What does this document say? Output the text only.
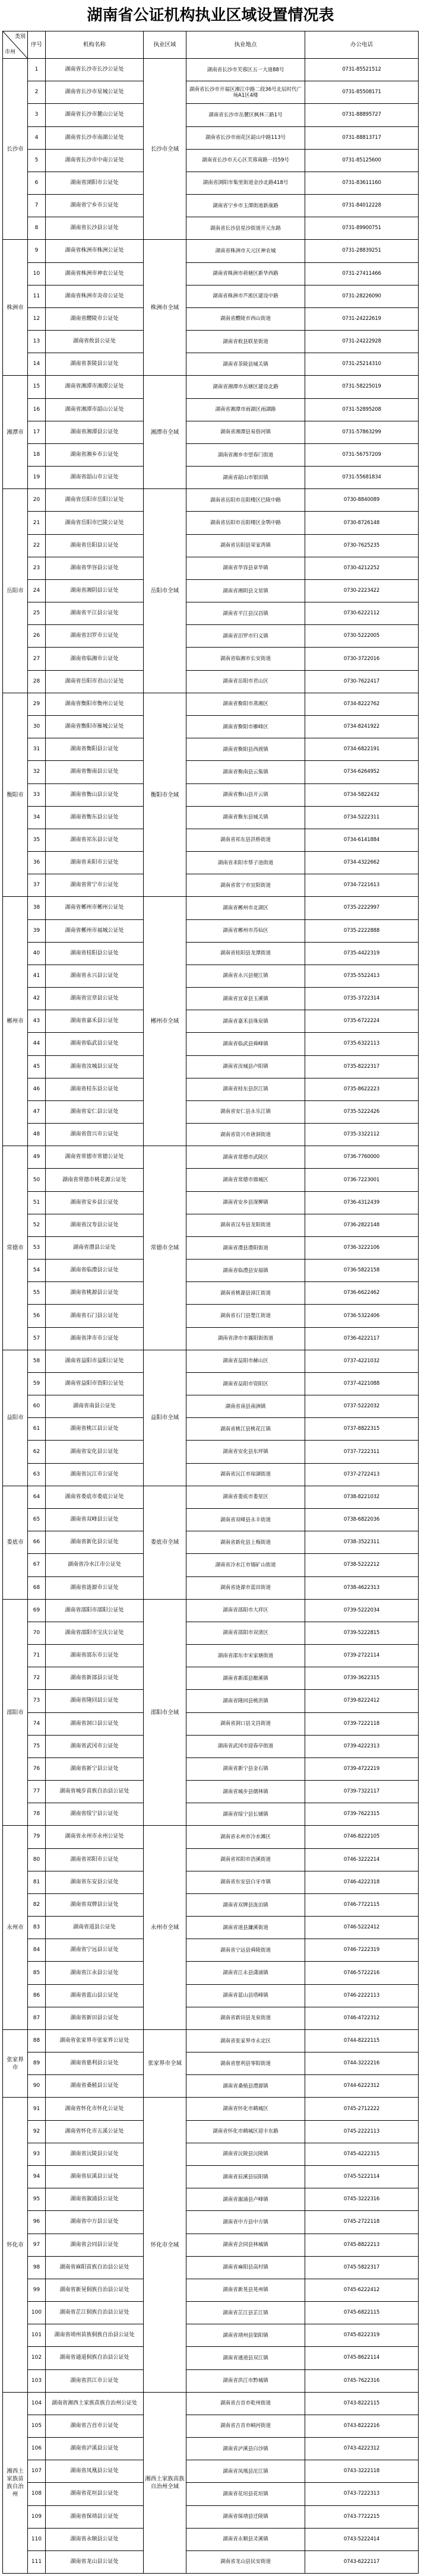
湖南省公证机构执业区域设置情况表
类别
市州	序号	机构名称	执业区域	执业地点	办公电话
长沙市	1	湖南省长沙市长沙公证处	长沙市全域	湖南省长沙市芙蓉区五一大道88号	0731-85521512
	2	湖南省长沙市星城公证处		湖南省长沙市开福区湘江中路二段36号北辰时代广场A1区4楼	0731-85508171
	3	湖南省长沙市麓山公证处		湖南省长沙市岳麓区枫林三路1号	0731-88895727
	4	湖南省长沙市南湖公证处		湖南省长沙市雨花区韶山中路113号	0731-88813717
	5	湖南省长沙市中南公证处		湖南省长沙市天心区芙蓉南路一段59号	0731-85125600
	6	湖南省浏阳市公证处		湖南省浏阳市集里街道金沙北路418号	0731-83611160
	7	湖南省宁乡市公证处		湖南省宁乡市玉潭街道新康路	0731-84012228
	8	湖南省长沙县公证处		湖南省长沙县星沙街道开元东路	0731-89900751
株洲市	9	湖南省株洲市株洲公证处	株洲市全域	湖南省株洲市天元区神农城	0731-28839251
	10	湖南省株洲市神农公证处		湖南省株洲市荷塘区新华西路	0731-27411466
	11	湖南省株洲市炎帝公证处		湖南省株洲市芦淞区建设中路	0731-28226090
	12	湖南省醴陵市公证处		湖南省醴陵市西山街道	0731-24222619
	13	湖南省攸县公证处		湖南省攸县联星街道	0731-24222928
	14	湖南省茶陵县公证处		湖南省茶陵县城关镇	0731-25214310
湘潭市	15	湖南省湘潭市湘潭公证处	湘潭市全域	湖南省湘潭市岳塘区建设北路	0731-58225019
	16	湖南省湘潭市韶山公证处		湖南省湘潭市雨湖区雨湖路	0731-52895208
	17	湖南省湘潭县公证处		湖南省湘潭县易俗河镇	0731-57863299
	18	湖南省湘乡市公证处		湖南省湘乡市望春门街道	0731-56757209
	19	湖南省韶山市公证处		湖南省韶山市银田镇	0731-55681834
岳阳市	20	湖南省岳阳市岳阳公证处	岳阳市全域	湖南省岳阳市岳阳楼区巴陵中路	0730-8840089
	21	湖南省岳阳市巴陵公证处		湖南省岳阳市岳阳楼区金鹗中路	0730-8726148
	22	湖南省岳阳县公证处		湖南省岳阳县荣家湾镇	0730-7625235
	23	湖南省华容县公证处		湖南省华容县章华镇	0730-4212252
	24	湖南省湘阴县公证处		湖南省湘阴县文星镇	0730-2223422
	25	湖南省平江县公证处		湖南省平江县汉昌镇	0730-6222112
	26	湖南省汨罗市公证处		湖南省汨罗市归义镇	0730-5222005
	27	湖南省临湘市公证处		湖南省临湘市长安街道	0730-3722016
	28	湖南省岳阳市君山公证处		湖南省岳阳市君山区	0730-7622417
衡阳市	29	湖南省衡阳市衡州公证处	衡阳市全域	湖南省衡阳市蒸湘区	0734-8222762
	30	湖南省衡阳市雁城公证处		湖南省衡阳市雁峰区	0734-8241922
	31	湖南省衡阳县公证处		湖南省衡阳县西渡镇	0734-6822191
	32	湖南省衡南县公证处		湖南省衡南县云集镇	0734-6264952
	33	湖南省衡山县公证处		湖南省衡山县开云镇	0734-5822432
	34	湖南省衡东县公证处		湖南省衡东县城关镇	0734-5222311
	35	湖南省祁东县公证处		湖南省祁东县洪桥街道	0734-6141884
	36	湖南省耒阳市公证处		湖南省耒阳市蔡子池街道	0734-4322662
	37	湖南省常宁市公证处		湖南省常宁市宜阳街道	0734-7221613
郴州市	38	湖南省郴州市郴州公证处	郴州市全域	湖南省郴州市北湖区	0735-2222997
	39	湖南省郴州市福城公证处		湖南省郴州市苏仙区	0735-2222888
	40	湖南省桂阳县公证处		湖南省桂阳县龙潭街道	0735-4422319
	41	湖南省永兴县公证处		湖南省永兴县便江镇	0735-5522413
	42	湖南省宜章县公证处		湖南省宜章县玉溪镇	0735-3722314
	43	湖南省嘉禾县公证处		湖南省嘉禾县珠泉镇	0735-6722224
	44	湖南省临武县公证处		湖南省临武县舜峰镇	0735-6322113
	45	湖南省汝城县公证处		湖南省汝城县卢阳镇	0735-8222317
	46	湖南省桂东县公证处		湖南省桂东县沤江镇	0735-8622223
	47	湖南省安仁县公证处		湖南省安仁县永乐江镇	0735-5222426
	48	湖南省资兴市公证处		湖南省资兴市唐洞街道	0735-3322112
常德市	49	湖南省常德市常德公证处	常德市全域	湖南省常德市武陵区	0736-7760000
	50	湖南省常德市桃花源公证处		湖南省常德市鼎城区	0736-7223001
	51	湖南省安乡县公证处		湖南省安乡县深柳镇	0736-4312439
	52	湖南省汉寿县公证处		湖南省汉寿县龙阳街道	0736-2822148
	53	湖南省澧县公证处		湖南省澧县澧阳街道	0736-3222106
	54	湖南省临澧县公证处		湖南省临澧县安福镇	0736-5822158
	55	湖南省桃源县公证处		湖南省桃源县漳江街道	0736-6622462
	56	湖南省石门县公证处		湖南省石门县楚江街道	0736-5322406
	57	湖南省津市市公证处		湖南省津市市襄阳街街道	0736-4222117
益阳市	58	湖南省益阳市益阳公证处	益阳市全域	湖南省益阳市赫山区	0737-4221032
	59	湖南省益阳市资阳公证处		湖南省益阳市资阳区	0737-4221088
	60	湖南省南县公证处		湖南省南县南洲镇	0737-5222032
	61	湖南省桃江县公证处		湖南省桃江县桃花江镇	0737-8822315
	62	湖南省安化县公证处		湖南省安化县东坪镇	0737-7222311
	63	湖南省沅江市公证处		湖南省沅江市琼湖街道	0737-2722413
娄底市	64	湖南省娄底市娄底公证处	娄底市全域	湖南省娄底市娄星区	0738-8221032
	65	湖南省双峰县公证处		湖南省双峰县永丰街道	0738-6822036
	66	湖南省新化县公证处		湖南省新化县上梅街道	0738-3522311
	67	湖南省冷水江市公证处		湖南省冷水江市锡矿山街道	0738-5222212
	68	湖南省涟源市公证处		湖南省涟源市蓝田街道	0738-4622313
邵阳市	69	湖南省邵阳市邵阳公证处	邵阳市全域	湖南省邵阳市大祥区	0739-5222034
	70	湖南省邵阳市宝庆公证处		湖南省邵阳市双清区	0739-5222815
	71	湖南省邵东市公证处		湖南省邵东市宋家塘街道	0739-2722114
	72	湖南省新邵县公证处		湖南省新邵县酿溪镇	0739-3622315
	73	湖南省隆回县公证处		湖南省隆回县桃洪镇	0739-8222412
	74	湖南省洞口县公证处		湖南省洞口县文昌街道	0739-7222118
	75	湖南省武冈市公证处		湖南省武冈市迎春亭街道	0739-4222313
	76	湖南省新宁县公证处		湖南省新宁县金石镇	0739-4722219
	77	湖南省城步苗族自治县公证处		湖南省城步县儒林镇	0739-7322117
	78	湖南省绥宁县公证处		湖南省绥宁县长铺镇	0739-7622315
永州市	79	湖南省永州市永州公证处	永州市全域	湖南省永州市冷水滩区	0746-8222105
	80	湖南省祁阳市公证处		湖南省祁阳市浯溪街道	0746-3222214
	81	湖南省东安县公证处		湖南省东安县白牙市镇	0746-4222318
	82	湖南省双牌县公证处		湖南省双牌县泷泊镇	0746-7722115
	83	湖南省道县公证处		湖南省道县濂溪街道	0746-5222412
	84	湖南省宁远县公证处		湖南省宁远县舜陵街道	0746-7222319
	85	湖南省江永县公证处		湖南省江永县潇浦镇	0746-5722216
	86	湖南省蓝山县公证处		湖南省蓝山县塔峰镇	0746-2222113
	87	湖南省新田县公证处		湖南省新田县龙泉街道	0746-4722312
张家界市	88	湖南省张家界市张家界公证处	张家界市全域	湖南省张家界市永定区	0744-8222115
	89	湖南省慈利县公证处		湖南省慈利县零阳街道	0744-3222216
	90	湖南省桑植县公证处		湖南省桑植县澧源镇	0744-6222312
怀化市	91	湖南省怀化市怀化公证处	怀化市全域	湖南省怀化市鹤城区	0745-2712222
	92	湖南省怀化市五溪公证处		湖南省怀化市鹤城区迎丰东路	0745-2222113
	93	湖南省沅陵县公证处		湖南省沅陵县沅陵镇	0745-4222315
	94	湖南省辰溪县公证处		湖南省辰溪县辰阳镇	0745-5222114
	95	湖南省溆浦县公证处		湖南省溆浦县卢峰镇	0745-3222316
	96	湖南省中方县公证处		湖南省中方县中方镇	0745-2722118
	97	湖南省会同县公证处		湖南省会同县林城镇	0745-8822213
	98	湖南省麻阳苗族自治县公证处		湖南省麻阳县高村镇	0745-5822317
	99	湖南省新晃侗族自治县公证处		湖南省新晃县晃州镇	0745-6222412
	100	湖南省芷江侗族自治县公证处		湖南省芷江县芷江镇	0745-6822115
	101	湖南省靖州苗族侗族自治县公证处		湖南省靖州县渠阳镇	0745-8222319
	102	湖南省通道侗族自治县公证处		湖南省通道县双江镇	0745-8622114
	103	湖南省洪江市公证处		湖南省洪江市黔城镇	0745-7622316
湘西土家族苗族自治州	104	湖南省湘西土家族苗族自治州公证处	湘西土家族苗族自治州全域	湖南省吉首市乾州街道	0743-8222115
	105	湖南省吉首市公证处		湖南省吉首市峒河街道	0743-8222216
	106	湖南省泸溪县公证处		湖南省泸溪县白沙镇	0743-4222312
	107	湖南省凤凰县公证处		湖南省凤凰县沱江镇	0743-3222118
	108	湖南省花垣县公证处		湖南省花垣县花垣镇	0743-7222313
	109	湖南省保靖县公证处		湖南省保靖县迁陵镇	0743-7722215
	110	湖南省永顺县公证处		湖南省永顺县灵溪镇	0743-5222414
	111	湖南省龙山县公证处		湖南省龙山县民安街道	0743-6222117
